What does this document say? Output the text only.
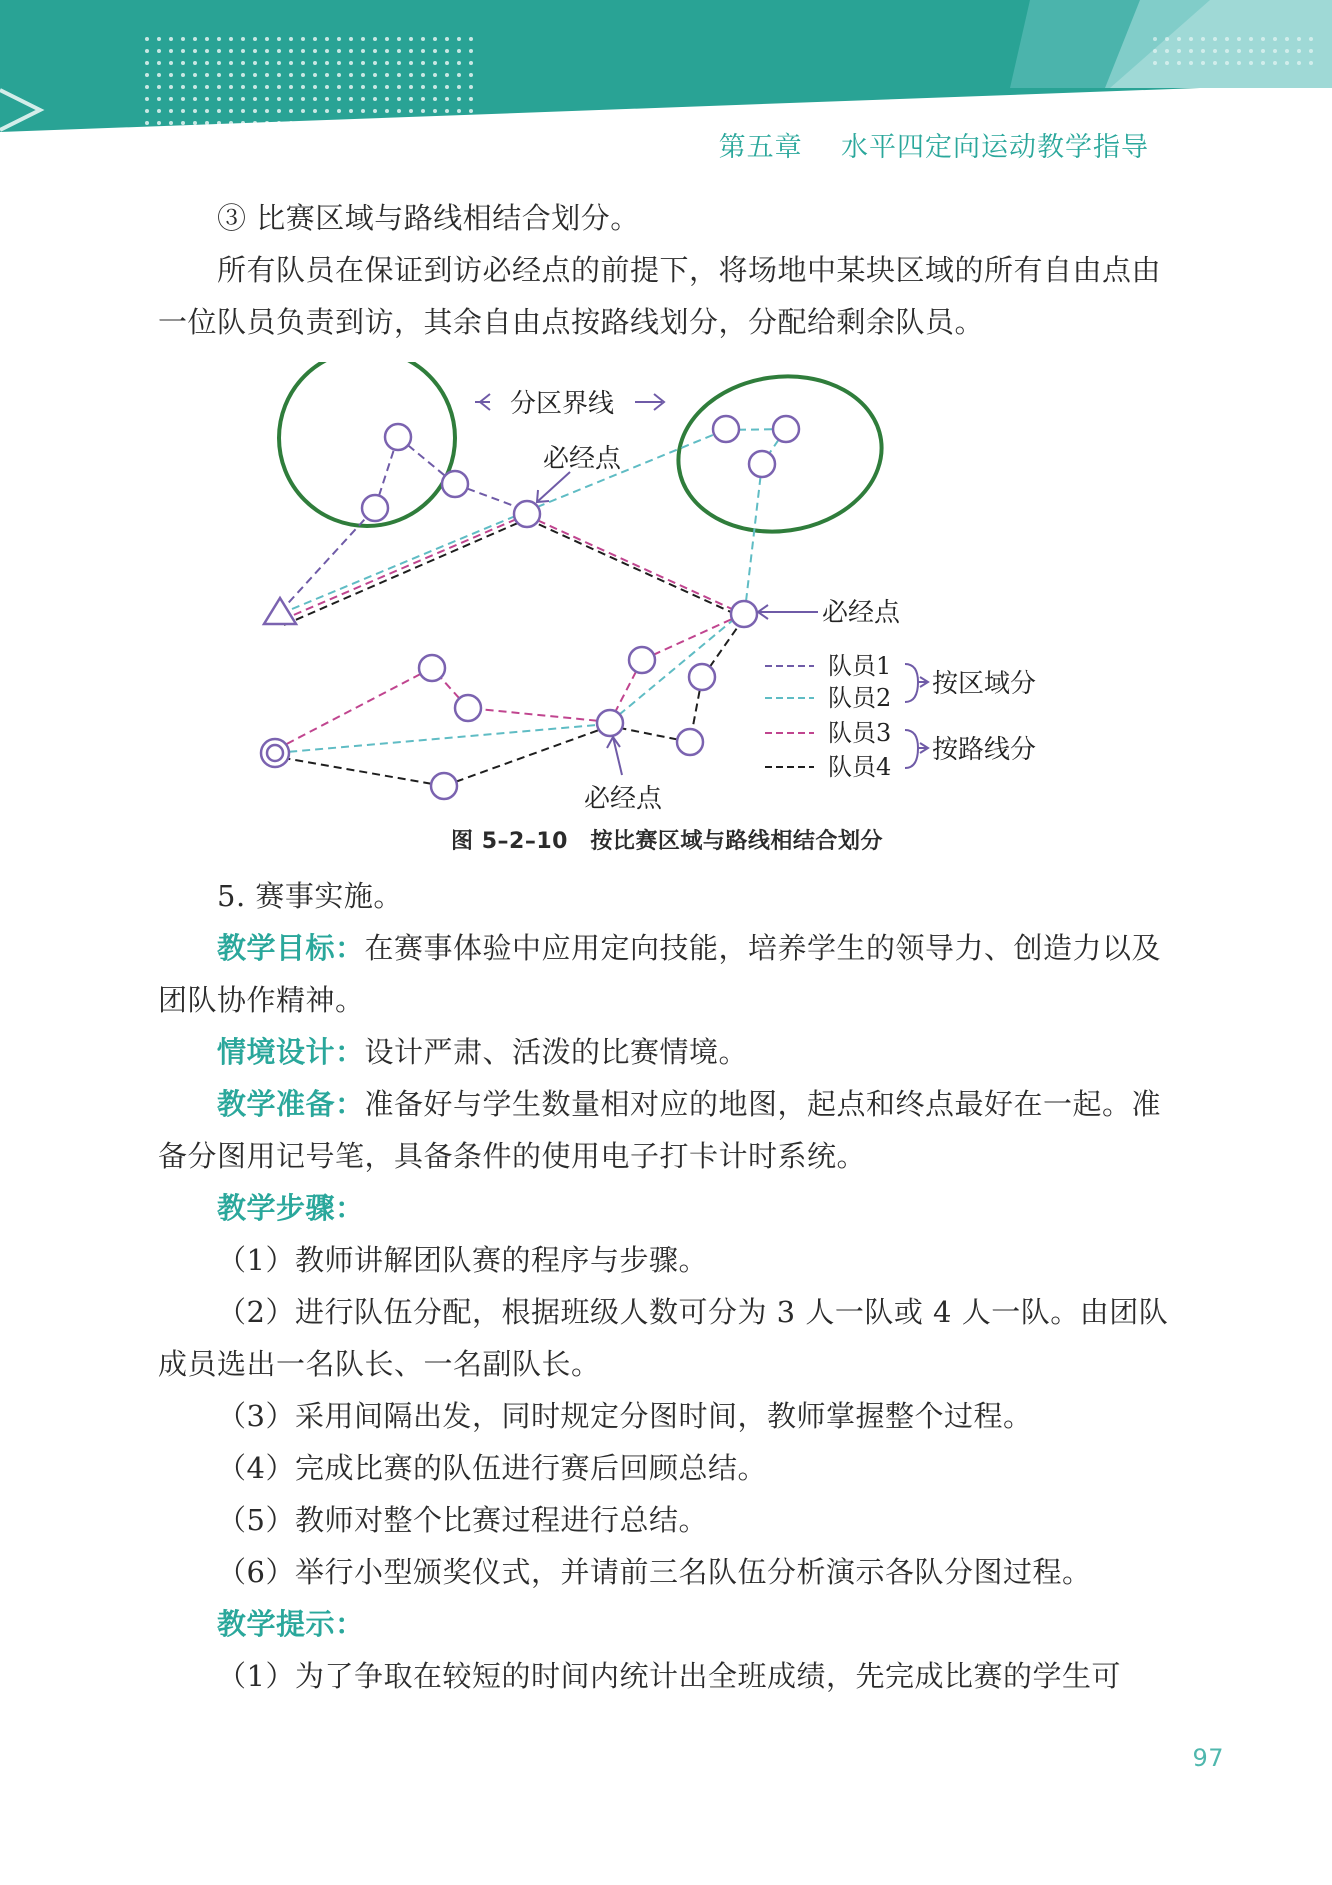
第五章 水平四定向运动教学指导

③ 比赛区域与路线相结合划分。

所有队员在保证到访必经点的前提下，将场地中某块区域的所有自由点由一位队员负责到访，其余自由点按路线划分，分配给剩余队员。

分区界线
必经点
必经点
必经点
队员1
队员2
队员3
队员4
按区域分
按路线分

图 5–2–10　按比赛区域与路线相结合划分

5. 赛事实施。

教学目标：在赛事体验中应用定向技能，培养学生的领导力、创造力以及团队协作精神。

情境设计：设计严肃、活泼的比赛情境。

教学准备：准备好与学生数量相对应的地图，起点和终点最好在一起。准备分图用记号笔，具备条件的使用电子打卡计时系统。

教学步骤：

（1）教师讲解团队赛的程序与步骤。

（2）进行队伍分配，根据班级人数可分为 3 人一队或 4 人一队。由团队成员选出一名队长、一名副队长。

（3）采用间隔出发，同时规定分图时间，教师掌握整个过程。

（4）完成比赛的队伍进行赛后回顾总结。

（5）教师对整个比赛过程进行总结。

（6）举行小型颁奖仪式，并请前三名队伍分析演示各队分图过程。

教学提示：

（1）为了争取在较短的时间内统计出全班成绩，先完成比赛的学生可

97
